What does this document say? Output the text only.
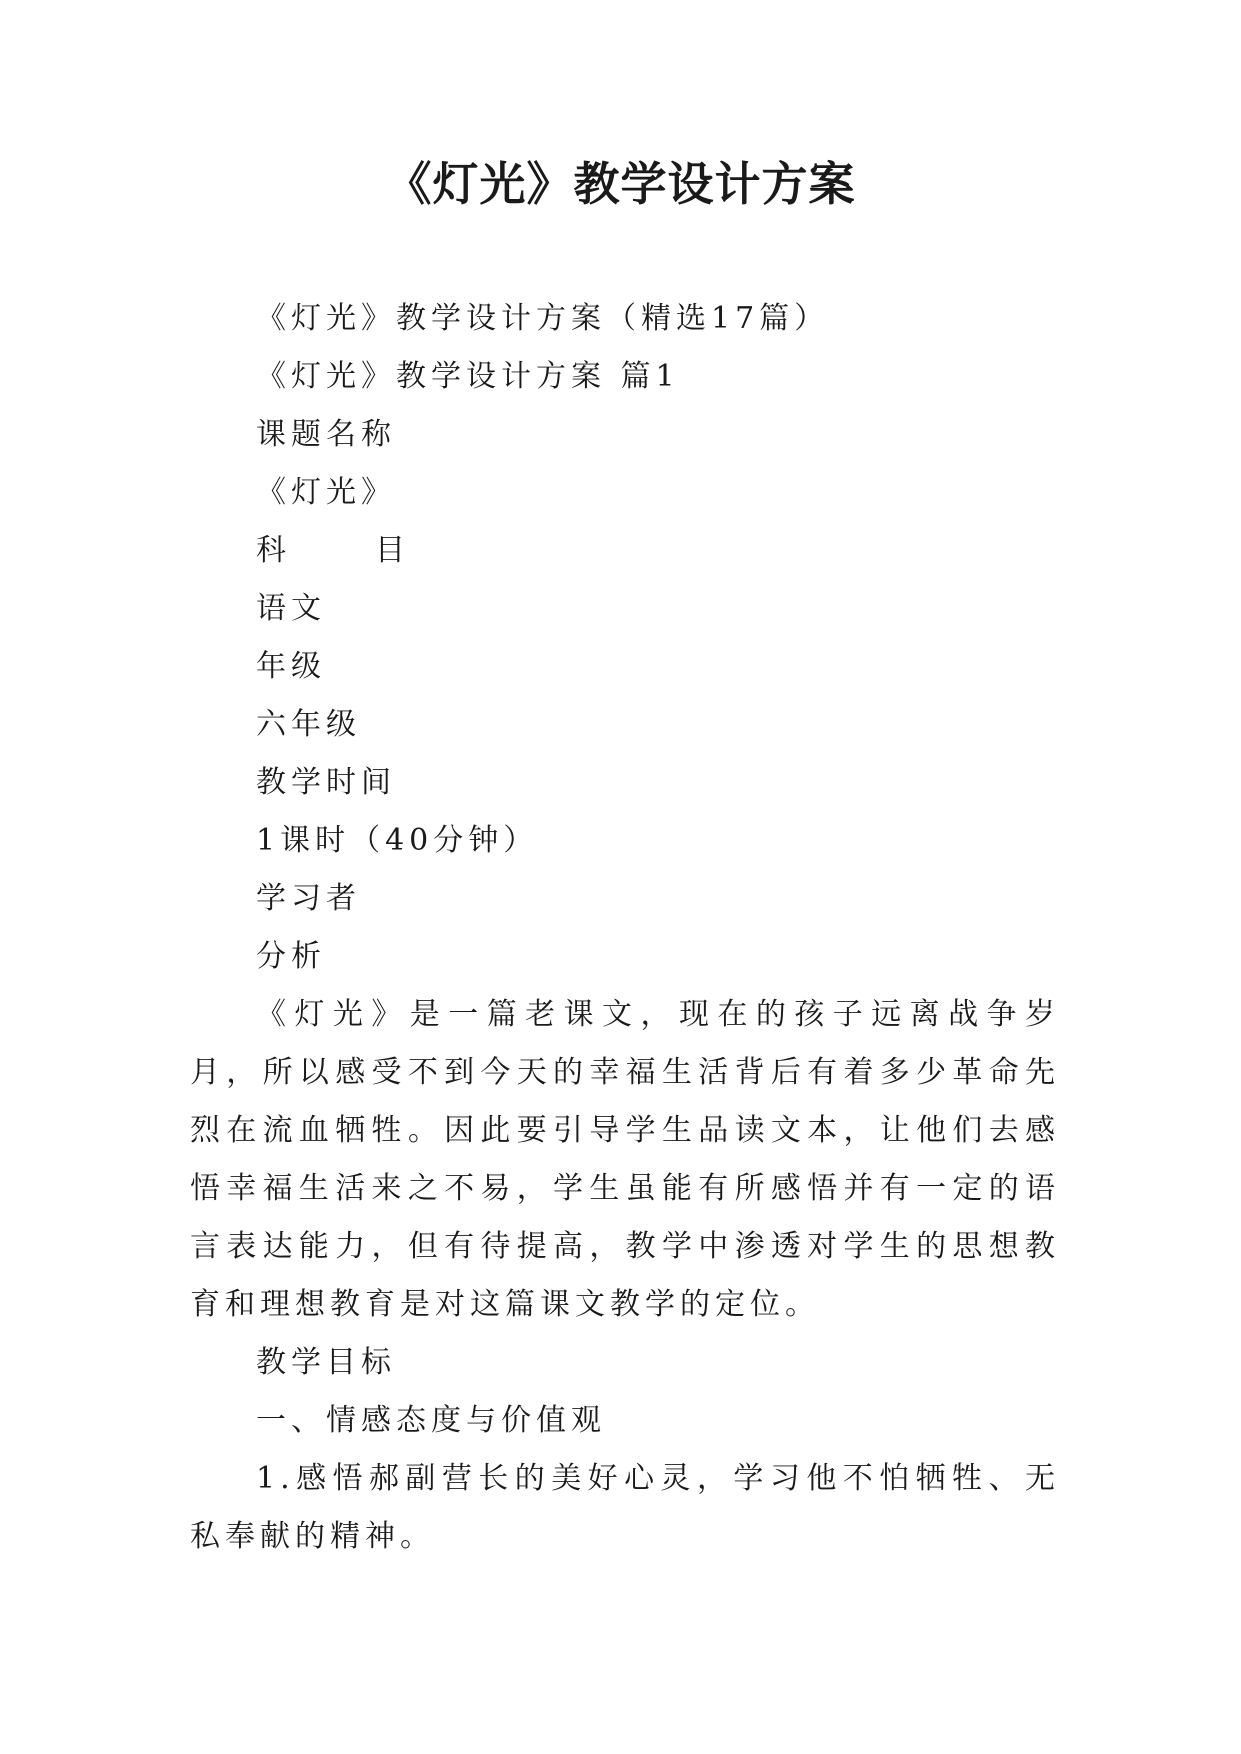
《灯光》教学设计方案

《灯光》教学设计方案（精选17篇）

《灯光》教学设计方案 篇1

课题名称

《灯光》

科	目

语文

年级

六年级

教学时间

1课时（40分钟）

学习者

分析

《灯光》是一篇老课文，现在的孩子远离战争岁月，所以感受不到今天的幸福生活背后有着多少革命先烈在流血牺牲。因此要引导学生品读文本，让他们去感悟幸福生活来之不易，学生虽能有所感悟并有一定的语言表达能力，但有待提高，教学中渗透对学生的思想教育和理想教育是对这篇课文教学的定位。

教学目标

一、情感态度与价值观

1.感悟郝副营长的美好心灵，学习他不怕牺牲、无私奉献的精神。
